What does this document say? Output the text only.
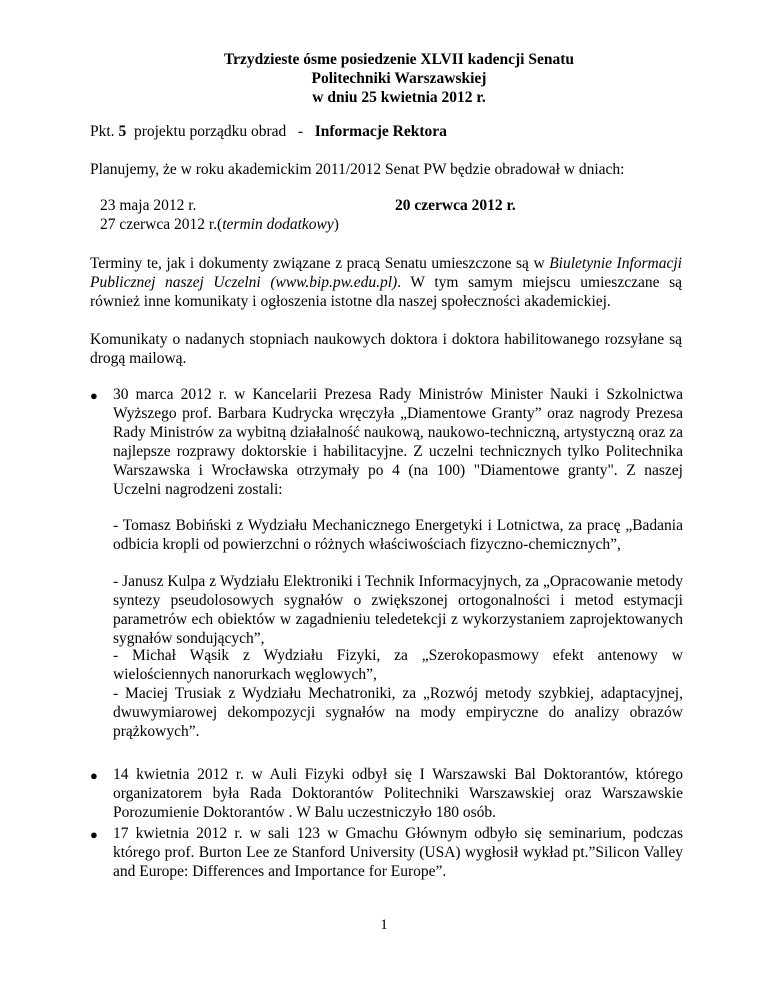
Trzydzieste ósme posiedzenie XLVII kadencji Senatu
Politechniki Warszawskiej
w dniu 25 kwietnia 2012 r.
Pkt. 5  projektu porządku obrad   -   Informacje Rektora
Planujemy, że w roku akademickim 2011/2012 Senat PW będzie obradował w dniach:
23 maja 2012 r.
27 czerwca 2012 r.(termin dodatkowy)
20 czerwca 2012 r.
Terminy te, jak i dokumenty związane z pracą Senatu umieszczone są w Biuletynie Informacji Publicznej naszej Uczelni (www.bip.pw.edu.pl). W tym samym miejscu umieszczane są również inne komunikaty i ogłoszenia istotne dla naszej społeczności akademickiej.
Komunikaty o nadanych stopniach naukowych doktora i doktora habilitowanego rozsyłane są drogą mailową.
● 30 marca 2012 r. w Kancelarii Prezesa Rady Ministrów Minister Nauki i Szkolnictwa Wyższego prof. Barbara Kudrycka wręczyła „Diamentowe Granty” oraz nagrody Prezesa Rady Ministrów za wybitną działalność naukową, naukowo-techniczną, artystyczną oraz za najlepsze rozprawy doktorskie i habilitacyjne. Z uczelni technicznych tylko Politechnika Warszawska i Wrocławska otrzymały po 4 (na 100) "Diamentowe granty". Z naszej Uczelni nagrodzeni zostali:
- Tomasz Bobiński z Wydziału Mechanicznego Energetyki i Lotnictwa, za pracę „Badania odbicia kropli od powierzchni o różnych właściwościach fizyczno-chemicznych”,
- Janusz Kulpa z Wydziału Elektroniki i Technik Informacyjnych, za „Opracowanie metody syntezy pseudolosowych sygnałów o zwiększonej ortogonalności i metod estymacji parametrów ech obiektów w zagadnieniu teledetekcji z wykorzystaniem zaprojektowanych sygnałów sondujących”,
- Michał Wąsik z Wydziału Fizyki, za „Szerokopasmowy efekt antenowy w wielościennych nanorurkach węglowych”,
- Maciej Trusiak z Wydziału Mechatroniki, za „Rozwój metody szybkiej, adaptacyjnej, dwuwymiarowej dekompozycji sygnałów na mody empiryczne do analizy obrazów prążkowych”.
● 14 kwietnia 2012 r. w Auli Fizyki odbył się I Warszawski Bal Doktorantów, którego organizatorem była Rada Doktorantów Politechniki Warszawskiej oraz Warszawskie Porozumienie Doktorantów . W Balu uczestniczyło 180 osób.
● 17 kwietnia 2012 r. w sali 123 w Gmachu Głównym odbyło się seminarium, podczas którego prof. Burton Lee ze Stanford University (USA) wygłosił wykład pt.”Silicon Valley and Europe: Differences and Importance for Europe”.
1
